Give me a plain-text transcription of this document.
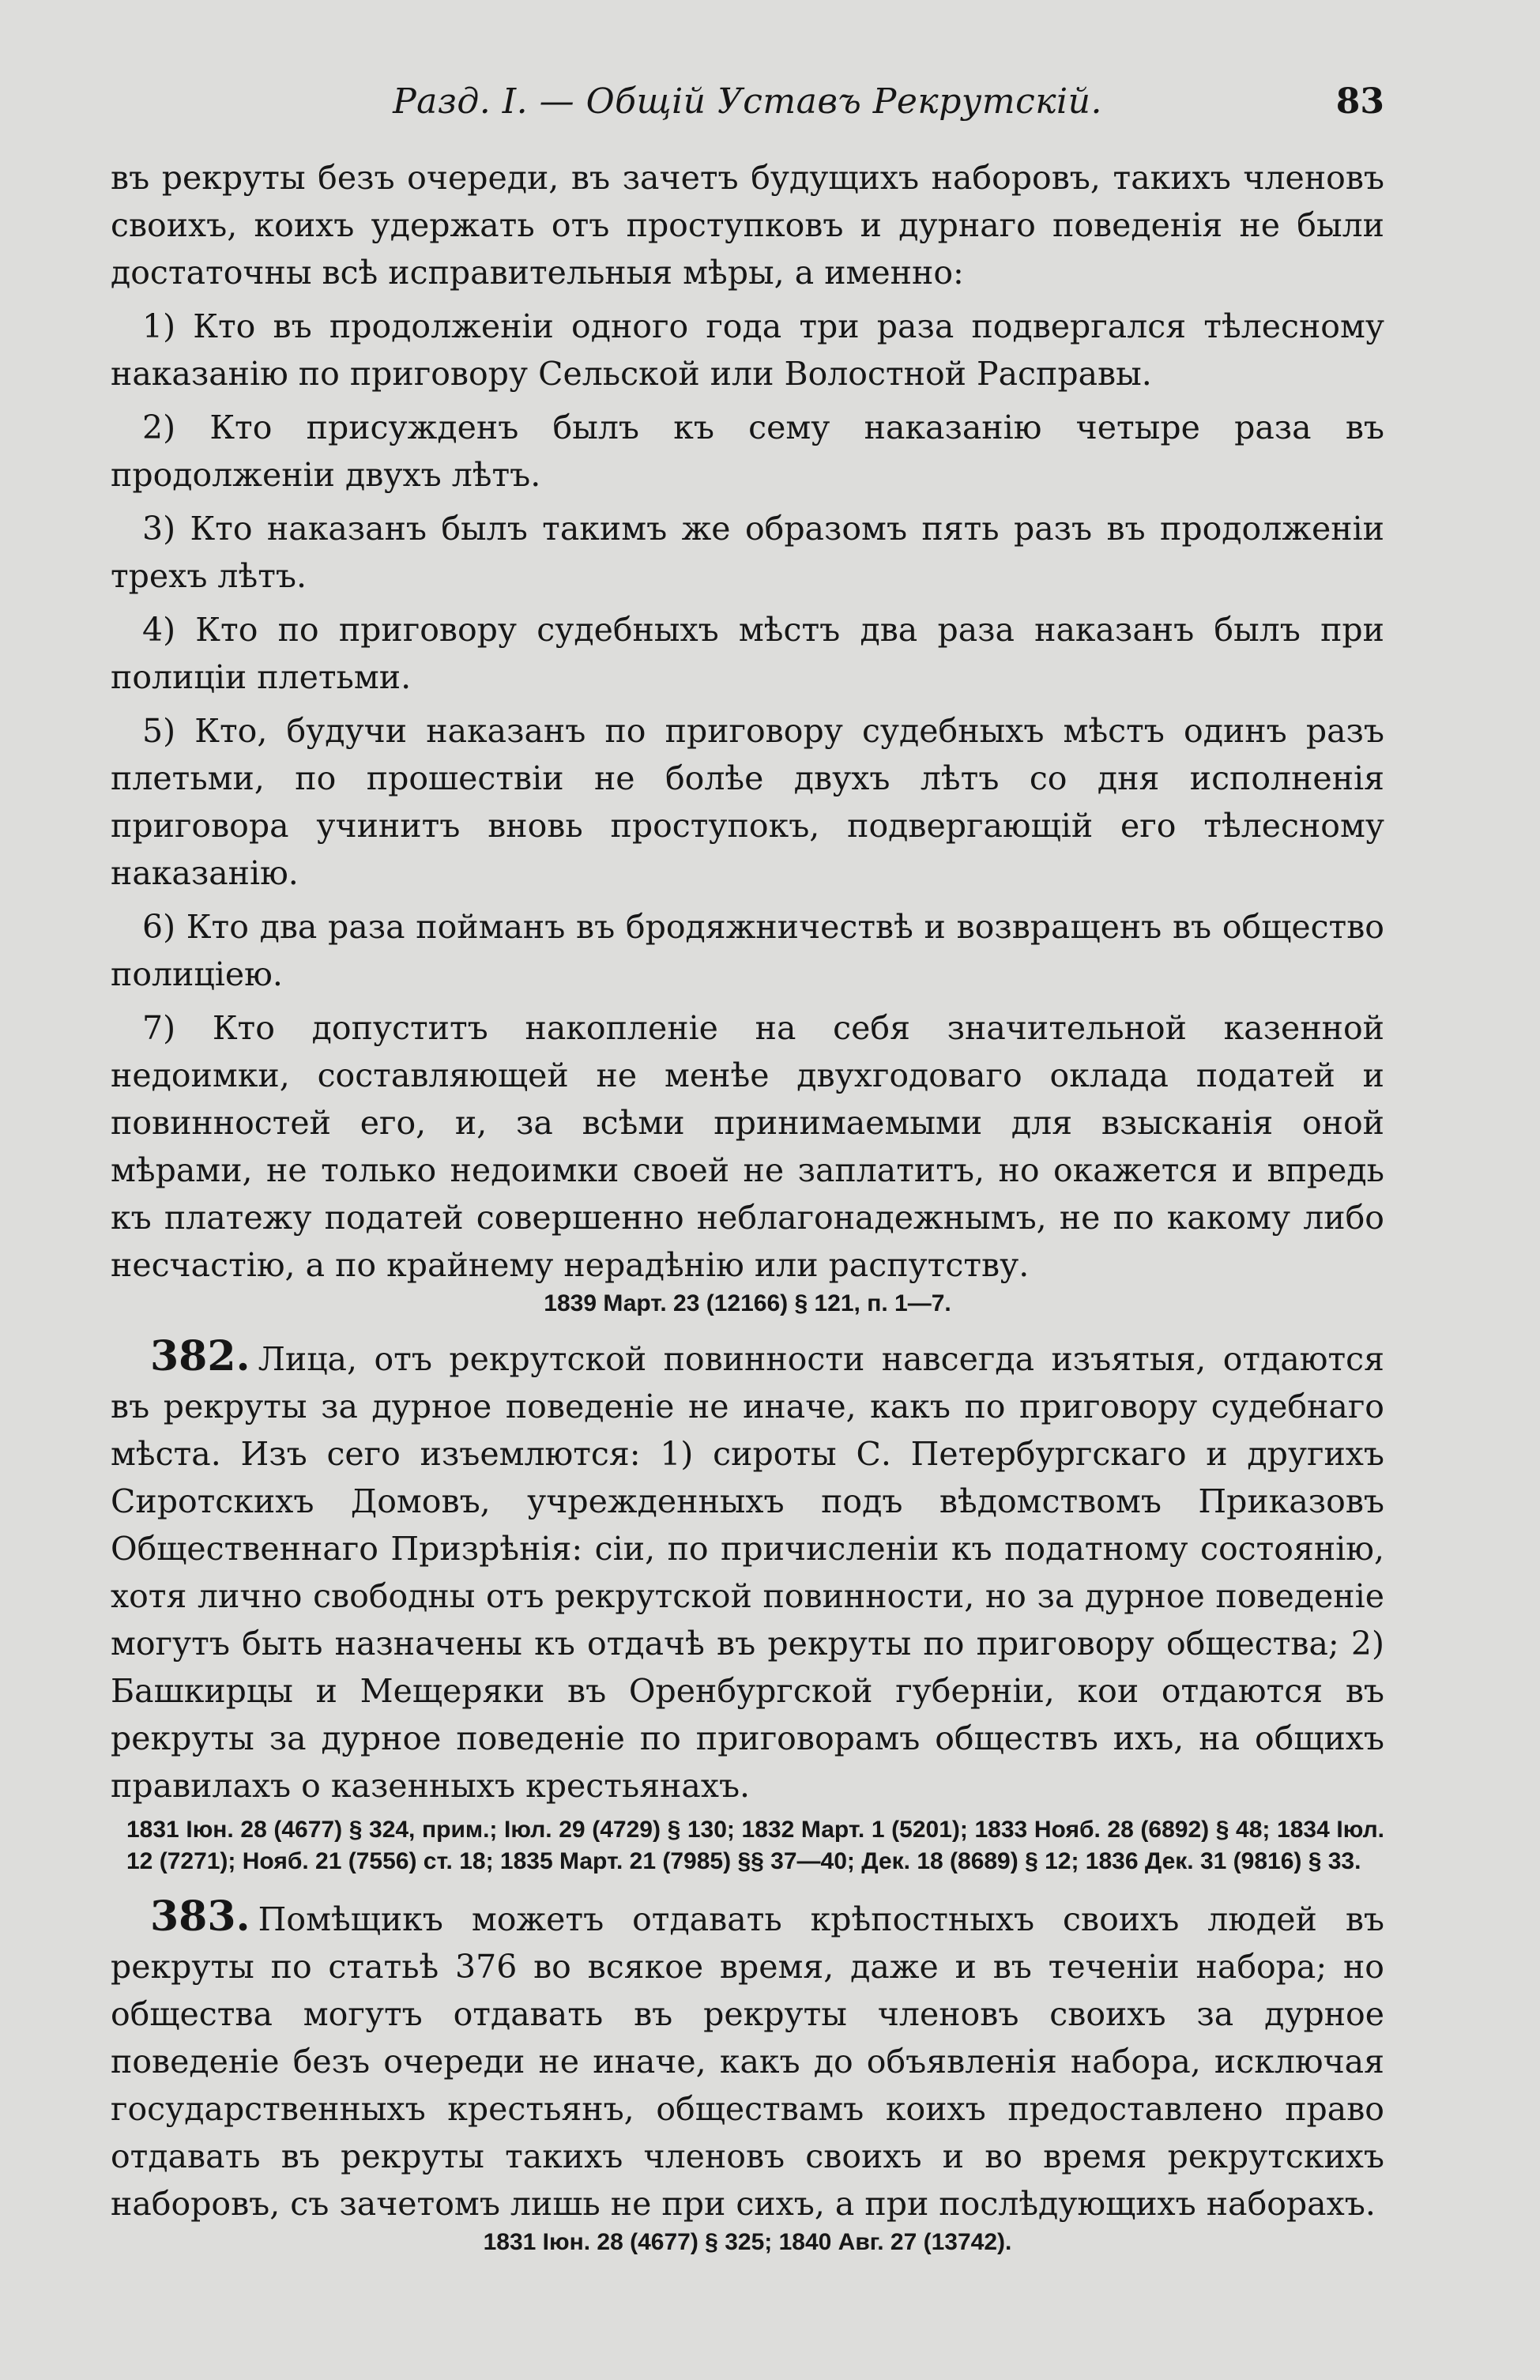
Разд. I. — Общій Уставъ Рекрутскій.	83

въ рекруты безъ очереди, въ зачетъ будущихъ наборовъ, такихъ членовъ своихъ, коихъ удержать отъ проступковъ и дурнаго поведенія не были достаточны всѣ исправительныя мѣры, а именно:

1) Кто въ продолженіи одного года три раза подвергался тѣлесному наказанію по приговору Сельской или Волостной Расправы.

2) Кто присужденъ былъ къ сему наказанію четыре раза въ продолженіи двухъ лѣтъ.

3) Кто наказанъ былъ такимъ же образомъ пять разъ въ продолженіи трехъ лѣтъ.

4) Кто по приговору судебныхъ мѣстъ два раза наказанъ былъ при полиціи плетьми.

5) Кто, будучи наказанъ по приговору судебныхъ мѣстъ одинъ разъ плетьми, по прошествіи не болѣе двухъ лѣтъ со дня исполненія приговора учинитъ вновь проступокъ, подвергающій его тѣлесному наказанію.

6) Кто два раза пойманъ въ бродяжничествѣ и возвращенъ въ общество полиціею.

7) Кто допуститъ накопленіе на себя значительной казенной недоимки, составляющей не менѣе двухгодоваго оклада податей и повинностей его, и, за всѣми принимаемыми для взысканія оной мѣрами, не только недоимки своей не заплатитъ, но окажется и впредь къ платежу податей совершенно неблагонадежнымъ, не по какому либо несчастію, а по крайнему нерадѣнію или распутству.

1839 Март. 23 (12166) § 121, п. 1—7.

382. Лица, отъ рекрутской повинности навсегда изъятыя, отдаются въ рекруты за дурное поведеніе не иначе, какъ по приговору судебнаго мѣста. Изъ сего изъемлются: 1) сироты С. Петербургскаго и другихъ Сиротскихъ Домовъ, учрежденныхъ подъ вѣдомствомъ Приказовъ Общественнаго Призрѣнія: сіи, по причисленіи къ податному состоянію, хотя лично свободны отъ рекрутской повинности, но за дурное поведеніе могутъ быть назначены къ отдачѣ въ рекруты по приговору общества; 2) Башкирцы и Мещеряки въ Оренбургской губерніи, кои отдаются въ рекруты за дурное поведеніе по приговорамъ обществъ ихъ, на общихъ правилахъ о казенныхъ крестьянахъ.

1831 Іюн. 28 (4677) § 324, прим.; Іюл. 29 (4729) § 130; 1832 Март. 1 (5201); 1833 Нояб. 28 (6892) § 48; 1834 Іюл. 12 (7271); Нояб. 21 (7556) ст. 18; 1835 Март. 21 (7985) §§ 37—40; Дек. 18 (8689) § 12; 1836 Дек. 31 (9816) § 33.

383. Помѣщикъ можетъ отдавать крѣпостныхъ своихъ людей въ рекруты по статьѣ 376 во всякое время, даже и въ теченіи набора; но общества могутъ отдавать въ рекруты членовъ своихъ за дурное поведеніе безъ очереди не иначе, какъ до объявленія набора, исключая государственныхъ крестьянъ, обществамъ коихъ предоставлено право отдавать въ рекруты такихъ членовъ своихъ и во время рекрутскихъ наборовъ, съ зачетомъ лишь не при сихъ, а при послѣдующихъ наборахъ.

1831 Іюн. 28 (4677) § 325; 1840 Авг. 27 (13742).
